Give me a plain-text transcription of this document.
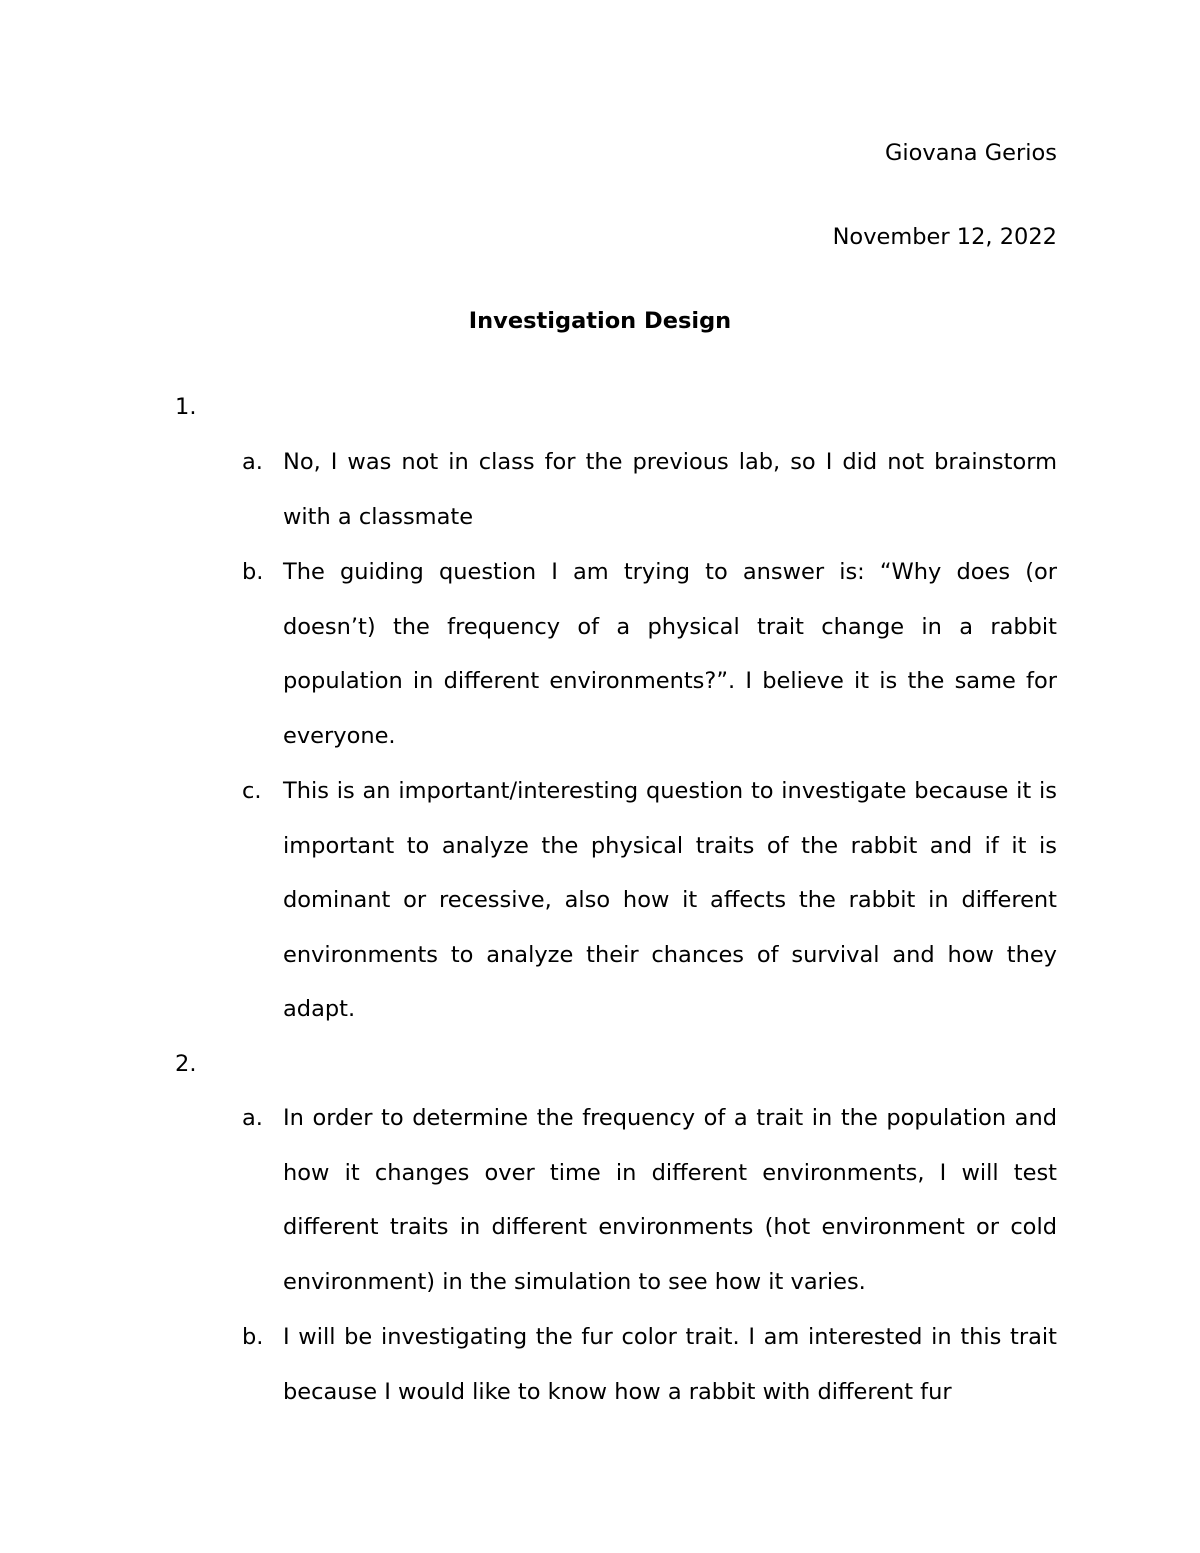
Giovana Gerios
November 12, 2022
Investigation Design
1.
a. No, I was not in class for the previous lab, so I did not brainstorm with a classmate
b. The guiding question I am trying to answer is: “Why does (or doesn’t) the frequency of a physical trait change in a rabbit population in different environments?”. I believe it is the same for everyone.
c. This is an important/interesting question to investigate because it is important to analyze the physical traits of the rabbit and if it is dominant or recessive, also how it affects the rabbit in different environments to analyze their chances of survival and how they adapt.
2.
a. In order to determine the frequency of a trait in the population and how it changes over time in different environments, I will test different traits in different environments (hot environment or cold environment) in the simulation to see how it varies.
b. I will be investigating the fur color trait. I am interested in this trait because I would like to know how a rabbit with different fur
